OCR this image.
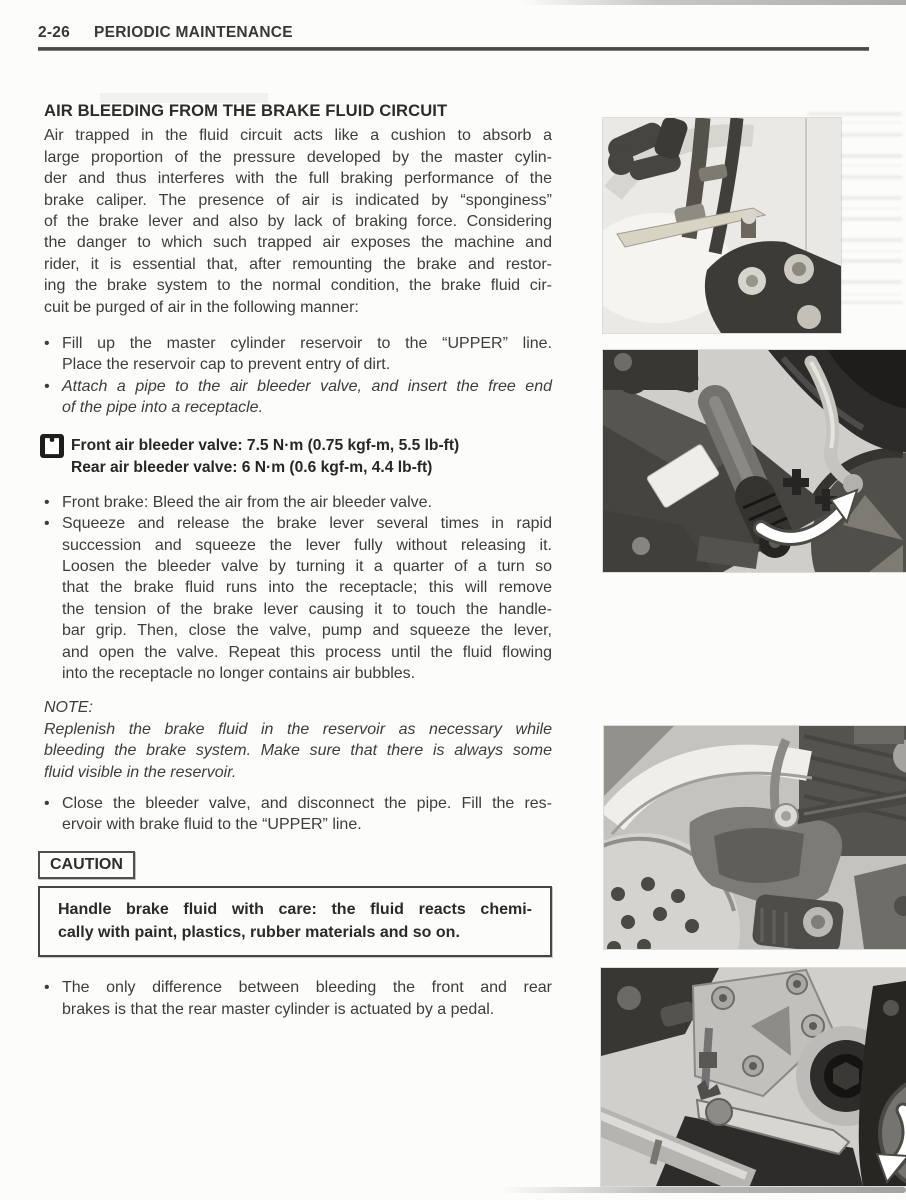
2-26 PERIODIC MAINTENANCE
AIR BLEEDING FROM THE BRAKE FLUID CIRCUIT
Air trapped in the fluid circuit acts like a cushion to absorb a
large proportion of the pressure developed by the master cylin-
der and thus interferes with the full braking performance of the
brake caliper. The presence of air is indicated by “sponginess”
of the brake lever and also by lack of braking force. Considering
the danger to which such trapped air exposes the machine and
rider, it is essential that, after remounting the brake and restor-
ing the brake system to the normal condition, the brake fluid cir-
cuit be purged of air in the following manner:
• Fill up the master cylinder reservoir to the “UPPER” line.
Place the reservoir cap to prevent entry of dirt.
• Attach a pipe to the air bleeder valve, and insert the free end
of the pipe into a receptacle.
Front air bleeder valve: 7.5 N·m (0.75 kgf-m, 5.5 lb-ft)
Rear air bleeder valve: 6 N·m (0.6 kgf-m, 4.4 lb-ft)
• Front brake: Bleed the air from the air bleeder valve.
• Squeeze and release the brake lever several times in rapid
succession and squeeze the lever fully without releasing it.
Loosen the bleeder valve by turning it a quarter of a turn so
that the brake fluid runs into the receptacle; this will remove
the tension of the brake lever causing it to touch the handle-
bar grip. Then, close the valve, pump and squeeze the lever,
and open the valve. Repeat this process until the fluid flowing
into the receptacle no longer contains air bubbles.
NOTE:
Replenish the brake fluid in the reservoir as necessary while
bleeding the brake system. Make sure that there is always some
fluid visible in the reservoir.
• Close the bleeder valve, and disconnect the pipe. Fill the res-
ervoir with brake fluid to the “UPPER” line.
CAUTION
Handle brake fluid with care: the fluid reacts chemi-
cally with paint, plastics, rubber materials and so on.
• The only difference between bleeding the front and rear
brakes is that the rear master cylinder is actuated by a pedal.
